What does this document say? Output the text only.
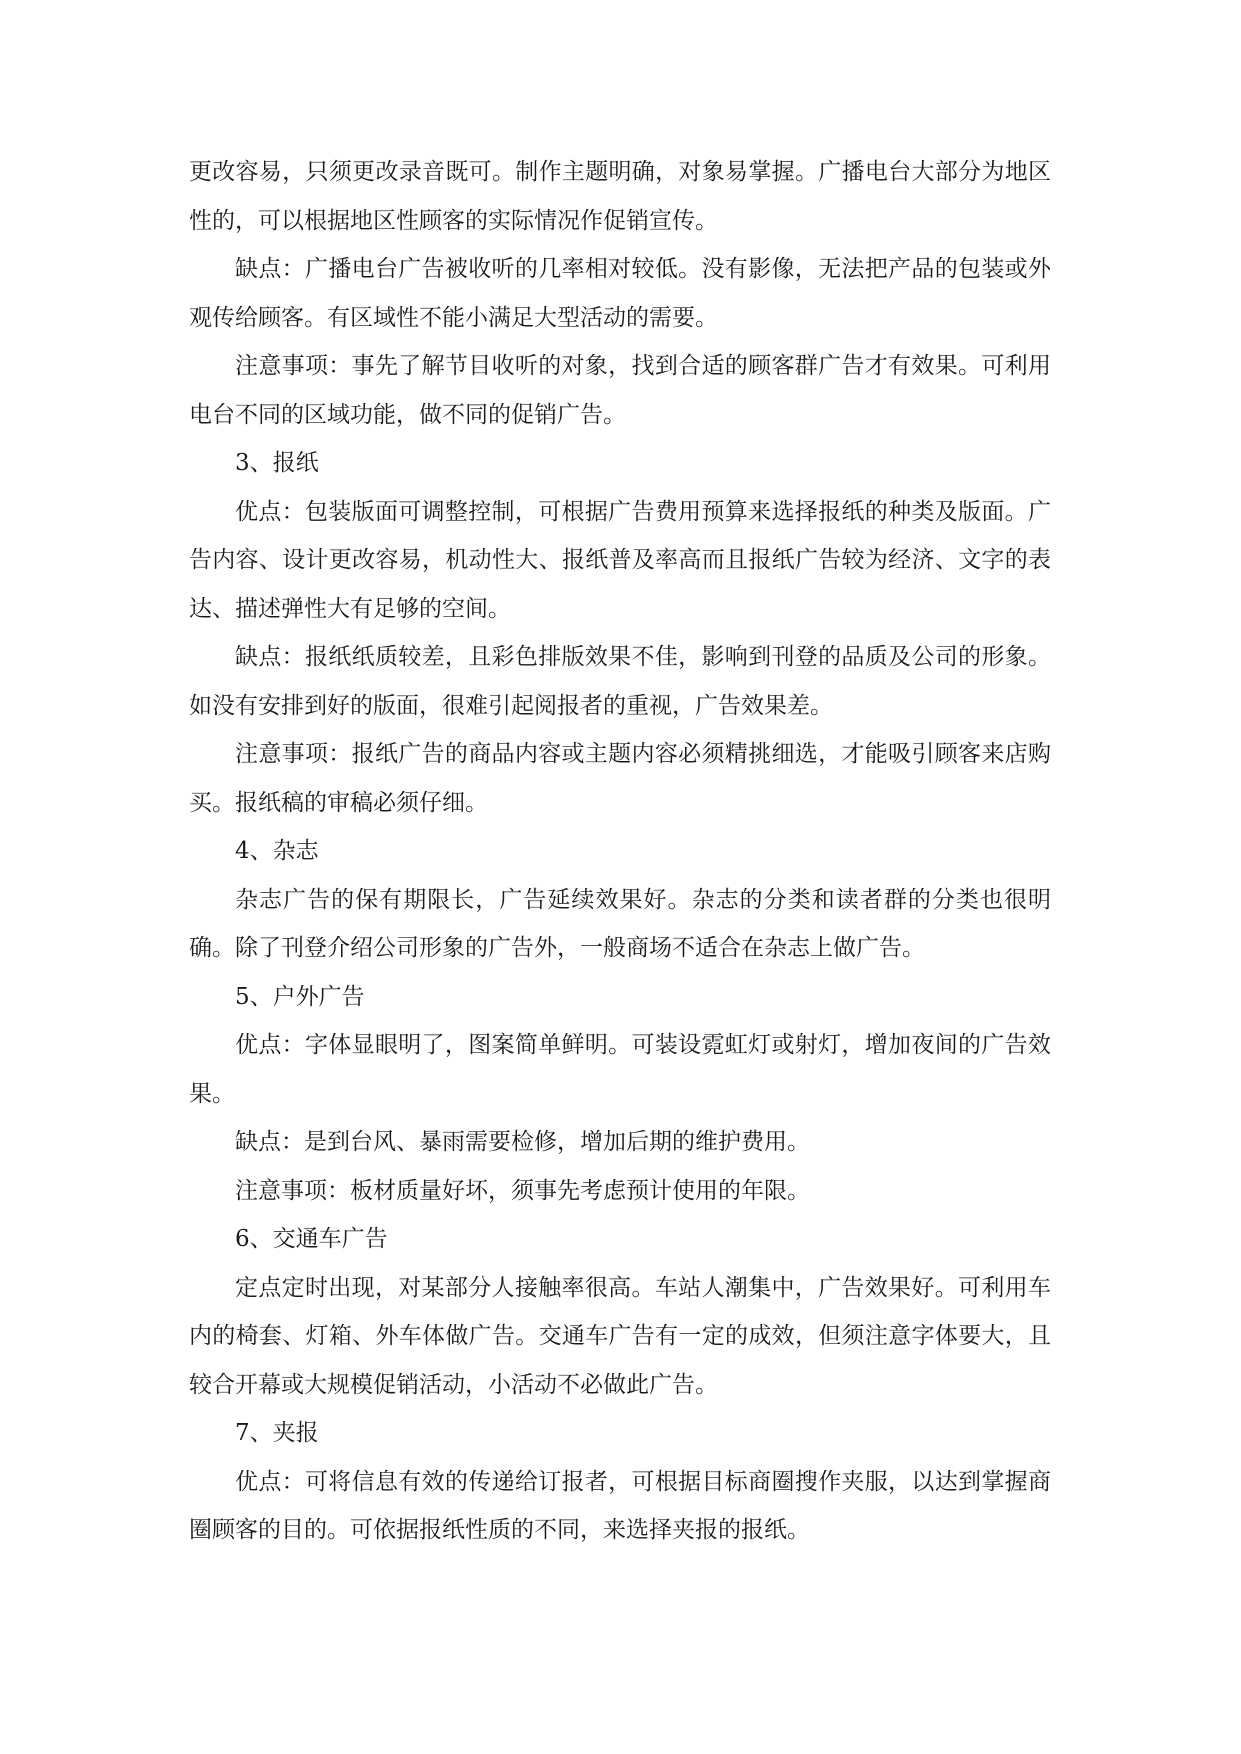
更改容易，只须更改录音既可。制作主题明确，对象易掌握。广播电台大部分为地区性的，可以根据地区性顾客的实际情况作促销宣传。

缺点：广播电台广告被收听的几率相对较低。没有影像，无法把产品的包装或外观传给顾客。有区域性不能小满足大型活动的需要。

注意事项：事先了解节目收听的对象，找到合适的顾客群广告才有效果。可利用电台不同的区域功能，做不同的促销广告。

3、报纸

优点：包装版面可调整控制，可根据广告费用预算来选择报纸的种类及版面。广告内容、设计更改容易，机动性大、报纸普及率高而且报纸广告较为经济、文字的表达、描述弹性大有足够的空间。

缺点：报纸纸质较差，且彩色排版效果不佳，影响到刊登的品质及公司的形象。如没有安排到好的版面，很难引起阅报者的重视，广告效果差。

注意事项：报纸广告的商品内容或主题内容必须精挑细选，才能吸引顾客来店购买。报纸稿的审稿必须仔细。

4、杂志

杂志广告的保有期限长，广告延续效果好。杂志的分类和读者群的分类也很明确。除了刊登介绍公司形象的广告外，一般商场不适合在杂志上做广告。

5、户外广告

优点：字体显眼明了，图案简单鲜明。可装设霓虹灯或射灯，增加夜间的广告效果。

缺点：是到台风、暴雨需要检修，增加后期的维护费用。

注意事项：板材质量好坏，须事先考虑预计使用的年限。

6、交通车广告

定点定时出现，对某部分人接触率很高。车站人潮集中，广告效果好。可利用车内的椅套、灯箱、外车体做广告。交通车广告有一定的成效，但须注意字体要大，且较合开幕或大规模促销活动，小活动不必做此广告。

7、夹报

优点：可将信息有效的传递给订报者，可根据目标商圈搜作夹服，以达到掌握商圈顾客的目的。可依据报纸性质的不同，来选择夹报的报纸。
